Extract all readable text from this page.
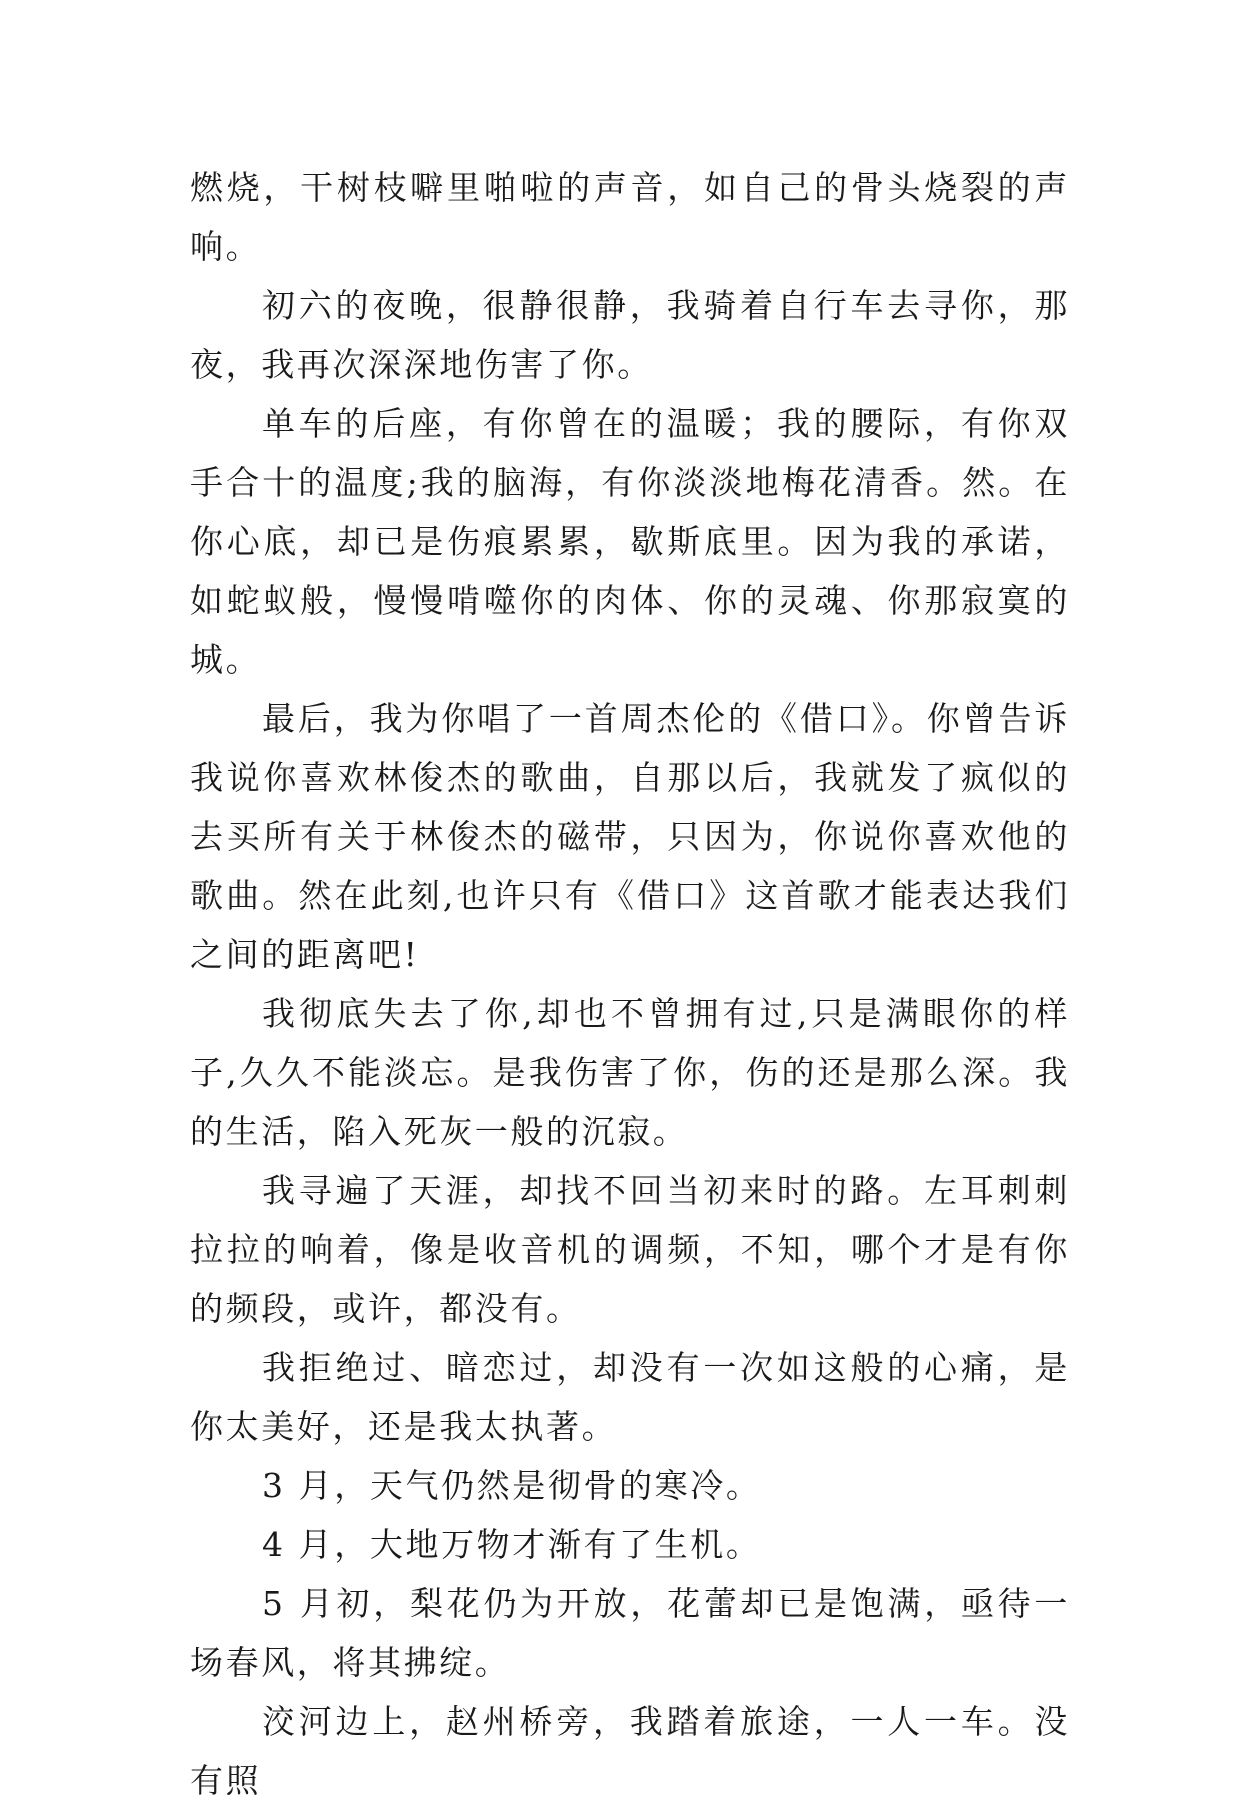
燃烧，干树枝噼里啪啦的声音，如自己的骨头烧裂的声响。

初六的夜晚，很静很静，我骑着自行车去寻你，那夜，我再次深深地伤害了你。

单车的后座，有你曾在的温暖；我的腰际，有你双手合十的温度;我的脑海，有你淡淡地梅花清香。然。在你心底，却已是伤痕累累，歇斯底里。因为我的承诺，如蛇蚁般，慢慢啃噬你的肉体、你的灵魂、你那寂寞的城。

最后，我为你唱了一首周杰伦的《借口》。你曾告诉我说你喜欢林俊杰的歌曲，自那以后，我就发了疯似的去买所有关于林俊杰的磁带，只因为，你说你喜欢他的歌曲。然在此刻,也许只有《借口》这首歌才能表达我们之间的距离吧!

我彻底失去了你,却也不曾拥有过,只是满眼你的样子,久久不能淡忘。是我伤害了你，伤的还是那么深。我的生活，陷入死灰一般的沉寂。

我寻遍了天涯，却找不回当初来时的路。左耳刺刺拉拉的响着，像是收音机的调频，不知，哪个才是有你的频段，或许，都没有。

我拒绝过、暗恋过，却没有一次如这般的心痛，是你太美好，还是我太执著。

3 月，天气仍然是彻骨的寒冷。

4 月，大地万物才渐有了生机。

5 月初，梨花仍为开放，花蕾却已是饱满，亟待一场春风，将其拂绽。

洨河边上，赵州桥旁，我踏着旅途，一人一车。没有照
